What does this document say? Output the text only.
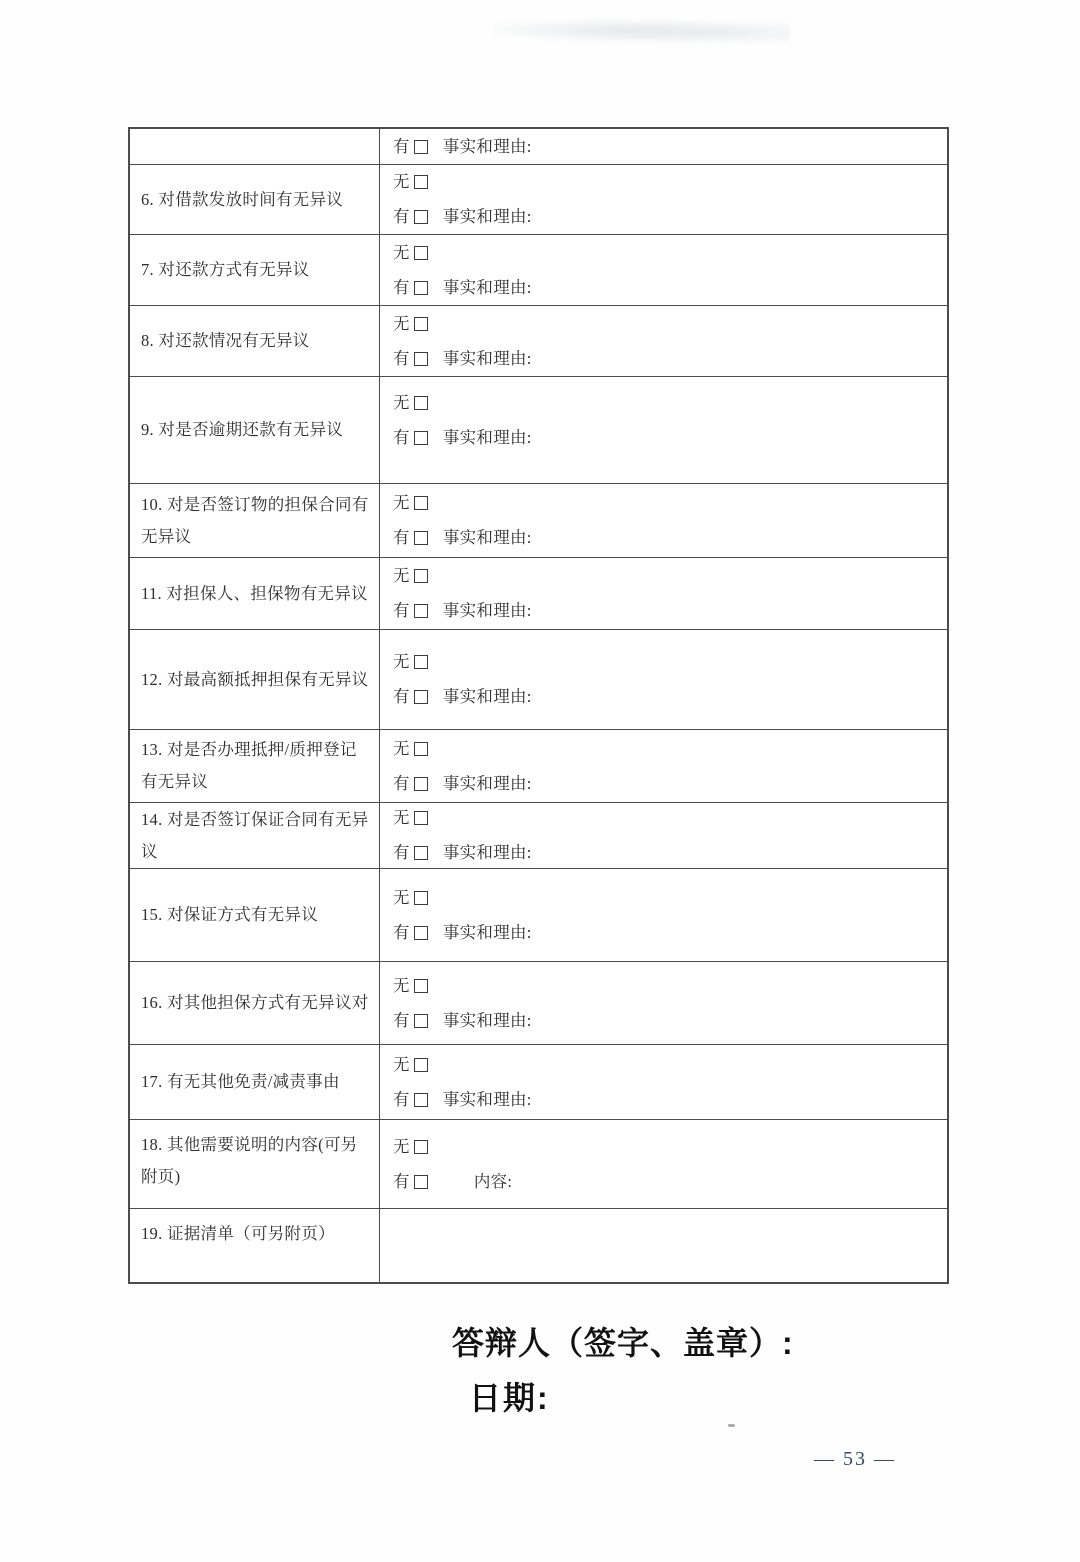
有 事实和理由:
6. 对借款发放时间有无异议
无
有 事实和理由:
7. 对还款方式有无异议
无
有 事实和理由:
8. 对还款情况有无异议
无
有 事实和理由:
9. 对是否逾期还款有无异议
无
有 事实和理由:
10. 对是否签订物的担保合同有无异议
无
有 事实和理由:
11. 对担保人、担保物有无异议
无
有 事实和理由:
12. 对最高额抵押担保有无异议
无
有 事实和理由:
13. 对是否办理抵押/质押登记有无异议
无
有 事实和理由:
14. 对是否签订保证合同有无异议
无
有 事实和理由:
15. 对保证方式有无异议
无
有 事实和理由:
16. 对其他担保方式有无异议对
无
有 事实和理由:
17. 有无其他免责/减责事由
无
有 事实和理由:
18. 其他需要说明的内容(可另附页)
无
有	内容:
19. 证据清单（可另附页）
答辩人（签字、盖章）:
日期:
— 53 —
